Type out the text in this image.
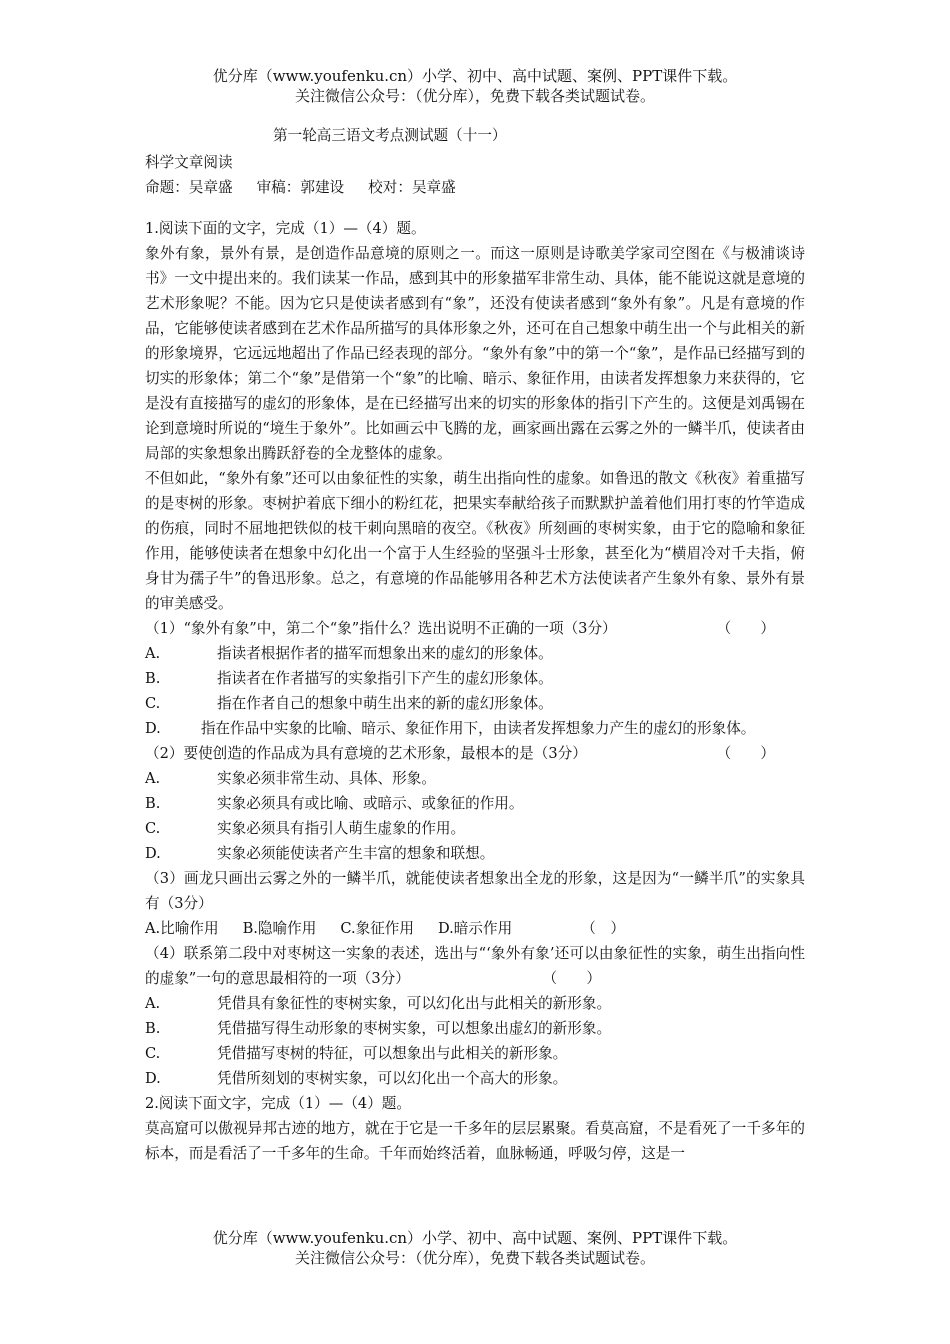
优分库（www.youfenku.cn）小学、初中、高中试题、案例、PPT课件下载。
关注微信公众号：（优分库），免费下载各类试题试卷。
第一轮高三语文考点测试题（十一）

科学文章阅读

命题：吴章盛 审稿：郭建设 校对：吴章盛

1.阅读下面的文字，完成（1）—（4）题。

象外有象，景外有景，是创造作品意境的原则之一。而这一原则是诗歌美学家司空图在《与极浦谈诗书》一文中提出来的。我们读某一作品，感到其中的形象描军非常生动、具体，能不能说这就是意境的艺术形象呢？不能。因为它只是使读者感到有“象”，还没有使读者感到“象外有象”。凡是有意境的作品，它能够使读者感到在艺术作品所描写的具体形象之外，还可在自己想象中萌生出一个与此相关的新的形象境界，它远远地超出了作品已经表现的部分。“象外有象”中的第一个“象”，是作品已经描写到的切实的形象体；第二个“象”是借第一个“象”的比喻、暗示、象征作用，由读者发挥想象力来获得的，它是没有直接描写的虚幻的形象体，是在已经描写出来的切实的形象体的指引下产生的。这便是刘禹锡在论到意境时所说的“境生于象外”。比如画云中飞腾的龙，画家画出露在云雾之外的一鳞半爪，使读者由局部的实象想象出腾跃舒卷的全龙整体的虚象。

不但如此，“象外有象”还可以由象征性的实象，萌生出指向性的虚象。如鲁迅的散文《秋夜》着重描写的是枣树的形象。枣树护着底下细小的粉红花，把果实奉献给孩子而默默护盖着他们用打枣的竹竿造成的伤痕，同时不屈地把铁似的枝干刺向黑暗的夜空。《秋夜》所刻画的枣树实象，由于它的隐喻和象征作用，能够使读者在想象中幻化出一个富于人生经验的坚强斗士形象，甚至化为“横眉冷对千夫指，俯身甘为孺子牛”的鲁迅形象。总之，有意境的作品能够用各种艺术方法使读者产生象外有象、景外有景的审美感受。

（1）“象外有象”中，第二个“象”指什么？选出说明不正确的一项（3分）	（　　）

A.	指读者根据作者的描军而想象出来的虚幻的形象体。
B.	指读者在作者描写的实象指引下产生的虚幻形象体。
C.	指在作者自己的想象中萌生出来的新的虚幻形象体。

D.	指在作品中实象的比喻、暗示、象征作用下，由读者发挥想象力产生的虚幻的形象体。

（2）要使创造的作品成为具有意境的艺术形象，最根本的是（3分）	（　　）

A.	实象必须非常生动、具体、形象。
B.	实象必须具有或比喻、或暗示、或象征的作用。
C.	实象必须具有指引人萌生虚象的作用。
D.	实象必须能使读者产生丰富的想象和联想。

（3）画龙只画出云雾之外的一鳞半爪，就能使读者想象出全龙的形象，这是因为“一鳞半爪”的实象具有（3分）

A.比喻作用 B.隐喻作用 C.象征作用 D.暗示作用	（　）

（4）联系第二段中对枣树这一实象的表述，选出与“‘象外有象’还可以由象征性的实象，萌生出指向性的虚象”一句的意思最相符的一项（3分）	（　　）

A.	凭借具有象征性的枣树实象，可以幻化出与此相关的新形象。
B.	凭借描写得生动形象的枣树实象，可以想象出虚幻的新形象。
C.	凭借描写枣树的特征，可以想象出与此相关的新形象。
D.	凭借所刻划的枣树实象，可以幻化出一个高大的形象。

2.阅读下面文字，完成（1）—（4）题。

莫高窟可以傲视异邦古迹的地方，就在于它是一千多年的层层累聚。看莫高窟，不是看死了一千多年的标本，而是看活了一千多年的生命。千年而始终活着，血脉畅通，呼吸匀停，这是一

优分库（www.youfenku.cn）小学、初中、高中试题、案例、PPT课件下载。
关注微信公众号：（优分库），免费下载各类试题试卷。
